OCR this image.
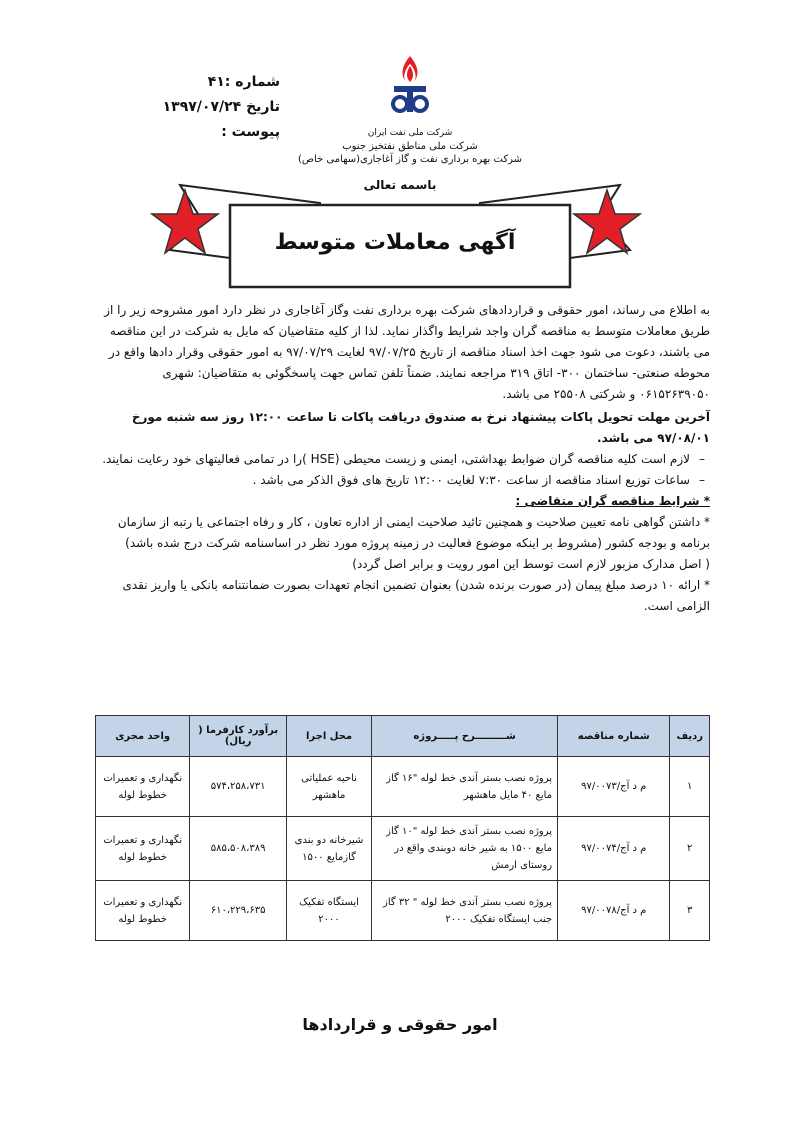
شماره :۴۱
تاریخ ۱۳۹۷/۰۷/۲۴
پیوست :	شرکت ملی نفت ایران
شرکت ملی مناطق نفتخیز جنوب
شرکت بهره برداری نفت و گاز آغاجاری(سهامی خاص)
باسمه تعالی
آگهی معاملات متوسط

به اطلاع می رساند، امور حقوقی و قراردادهای شرکت بهره برداری نفت وگاز آغاجاری در نظر دارد امور مشروحه زیر را از طریق معاملات متوسط به مناقصه گران واجد شرایط واگذار نماید. لذا از کلیه متقاضیان که مایل به شرکت در این مناقصه می باشند، دعوت می شود جهت اخذ اسناد مناقصه از تاریخ ۹۷/۰۷/۲۵ لغایت ۹۷/۰۷/۲۹ به امور حقوقی وقرار دادها واقع در محوطه صنعتی- ساختمان ۳۰۰- اتاق ۳۱۹ مراجعه نمایند. ضمناً تلفن تماس جهت پاسخگوئی به متقاضیان: شهری ۰۶۱۵۲۶۳۹۰۵۰ و شرکتی ۲۵۵۰۸ می باشد.

آخرین مهلت تحویل پاکات پیشنهاد نرخ به صندوق دریافت پاکات تا ساعت ۱۲:۰۰ روز سه شنبه مورخ ۹۷/۰۸/۰۱ می باشد.

– لازم است کلیه مناقصه گران ضوابط بهداشتی، ایمنی و زیست محیطی (HSE )را در تمامی فعالیتهای خود رعایت نمایند.

– ساعات توزیع اسناد مناقصه از ساعت ۷:۳۰ لغایت ۱۲:۰۰ تاریخ های فوق الذکر می باشد .

* شرایط مناقصه گران متقاضی :

* داشتن گواهی نامه تعیین صلاحیت و همچنین تائید صلاحیت ایمنی از اداره تعاون ، کار و رفاه اجتماعی یا رتبه از سازمان برنامه و بودجه کشور (مشروط بر اینکه موضوع فعالیت در زمینه پروژه مورد نظر در اساسنامه شرکت درج شده باشد)

( اصل مدارک مزبور لازم است توسط این امور رویت و برابر اصل گردد)

* ارائه ۱۰ درصد مبلغ پیمان (در صورت برنده شدن) بعنوان تضمین انجام تعهدات بصورت ضمانتنامه بانکی یا واریز نقدی الزامی است.

ردیف	شماره مناقصه	شـــــــــرح پـــــروژه	محل اجرا	برآورد کارفرما ( ریال)	واحد مجری
۱	م د آج/۹۷/۰۰۷۳	پروژه نصب بستر آندی خط لوله "۱۶ گاز مایع ۴۰ مایل ماهشهر	ناحیه عملیاتی ماهشهر	۵۷۴،۲۵۸،۷۳۱	نگهداری و تعمیرات خطوط لوله
۲	م د آج/۹۷/۰۰۷۴	پروژه نصب بستر آندی خط لوله "۱۰ گاز مایع ۱۵۰۰ به شیر خانه دوبندی واقع در روستای ارمش	شیرخانه دو بندی گازمایع ۱۵۰۰	۵۸۵،۵۰۸،۳۸۹	نگهداری و تعمیرات خطوط لوله
۳	م د آج/۹۷/۰۰۷۸	پروژه نصب بستر آندی خط لوله " ۳۲ گاز جنب ایستگاه تفکیک ۲۰۰۰	ایستگاه تفکیک ۲۰۰۰	۶۱۰،۲۲۹،۶۳۵	نگهداری و تعمیرات خطوط لوله
امور حقوقی و قراردادها
